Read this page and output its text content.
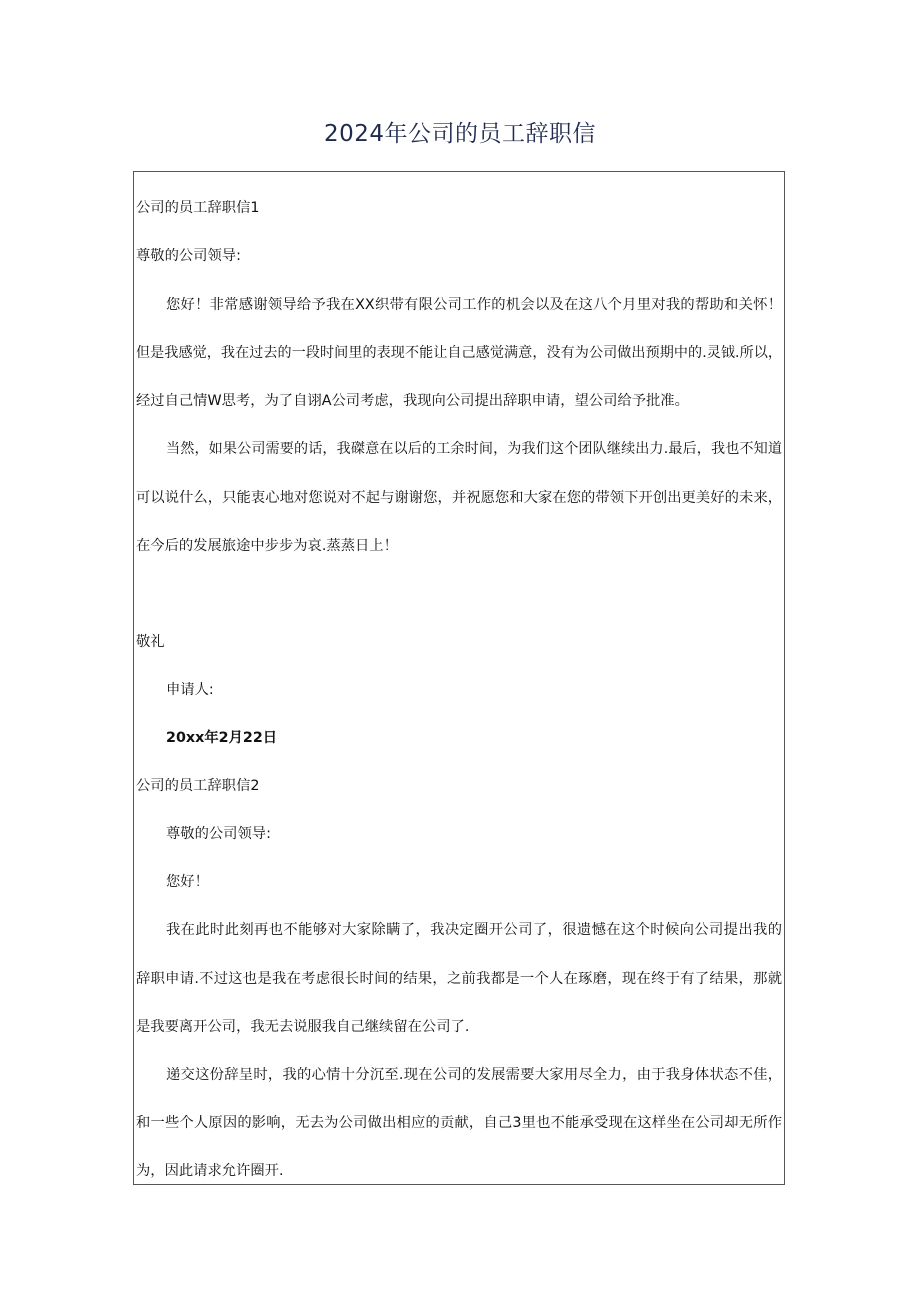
2024年公司的员工辞职信
公司的员工辞职信1
尊敬的公司领导:
您好！非常感谢领导给予我在XX织带有限公司工作的机会以及在这八个月里对我的帮助和关怀！
但是我感觉，我在过去的一段时间里的表现不能让自己感觉满意，没有为公司做出预期中的.灵钺.所以，
经过自己情W思考，为了自诩A公司考虑，我现向公司提出辞职申请，望公司给予批准。
当然，如果公司需要的话，我磔意在以后的工余时间，为我们这个团队继续出力.最后，我也不知道
可以说什么，只能衷心地对您说对不起与谢谢您，并祝愿您和大家在您的带领下开创出更美好的未来，
在今后的发展旅途中步步为哀.蒸蒸日上！
敬礼
申请人:
20xx年2月22日
公司的员工辞职信2
尊敬的公司领导:
您好！
我在此时此刻再也不能够对大家除瞒了，我决定圈开公司了，很遗憾在这个时候向公司提出我的
辞职申请.不过这也是我在考虑很长时间的结果，之前我都是一个人在琢磨，现在终于有了结果，那就
是我要离开公司，我无去说服我自己继续留在公司了.
递交这份辞呈时，我的心情十分沉至.现在公司的发展需要大家用尽全力，由于我身体状态不佳，
和一些个人原因的影响，无去为公司做出相应的贡献，自己3里也不能承受现在这样坐在公司却无所作
为，因此请求允许圈开.
